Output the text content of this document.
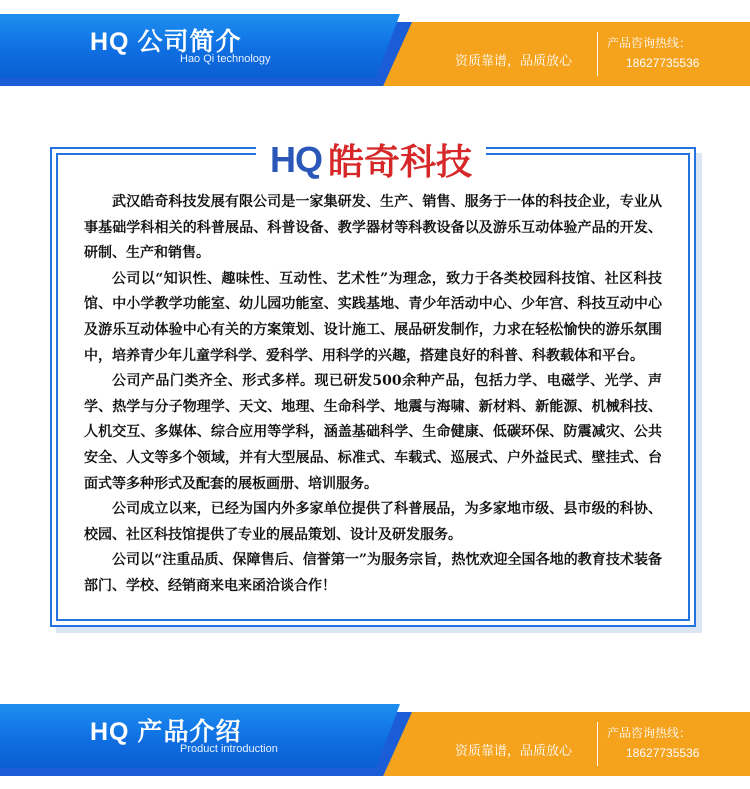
HQ 公司简介
Hao Qi technology	资质靠谱，品质放心
产品咨询热线：
18627735536
HQ 皓奇科技

武汉皓奇科技发展有限公司是一家集研发、生产、销售、服务于一体的科技企业，专业从事基础学科相关的科普展品、科普设备、教学器材等科教设备以及游乐互动体验产品的开发、研制、生产和销售。

公司以“知识性、趣味性、互动性、艺术性”为理念，致力于各类校园科技馆、社区科技馆、中小学教学功能室、幼儿园功能室、实践基地、青少年活动中心、少年宫、科技互动中心及游乐互动体验中心有关的方案策划、设计施工、展品研发制作，力求在轻松愉快的游乐氛围中，培养青少年儿童学科学、爱科学、用科学的兴趣，搭建良好的科普、科教载体和平台。

公司产品门类齐全、形式多样。现已研发500余种产品，包括力学、电磁学、光学、声学、热学与分子物理学、天文、地理、生命科学、地震与海啸、新材料、新能源、机械科技、人机交互、多媒体、综合应用等学科，涵盖基础科学、生命健康、低碳环保、防震减灾、公共安全、人文等多个领域，并有大型展品、标准式、车载式、巡展式、户外益民式、壁挂式、台面式等多种形式及配套的展板画册、培训服务。

公司成立以来，已经为国内外多家单位提供了科普展品，为多家地市级、县市级的科协、校园、社区科技馆提供了专业的展品策划、设计及研发服务。

公司以“注重品质、保障售后、信誉第一”为服务宗旨，热忱欢迎全国各地的教育技术装备部门、学校、经销商来电来函洽谈合作！

HQ 产品介绍
Product introduction	资质靠谱，品质放心
产品咨询热线：
18627735536
